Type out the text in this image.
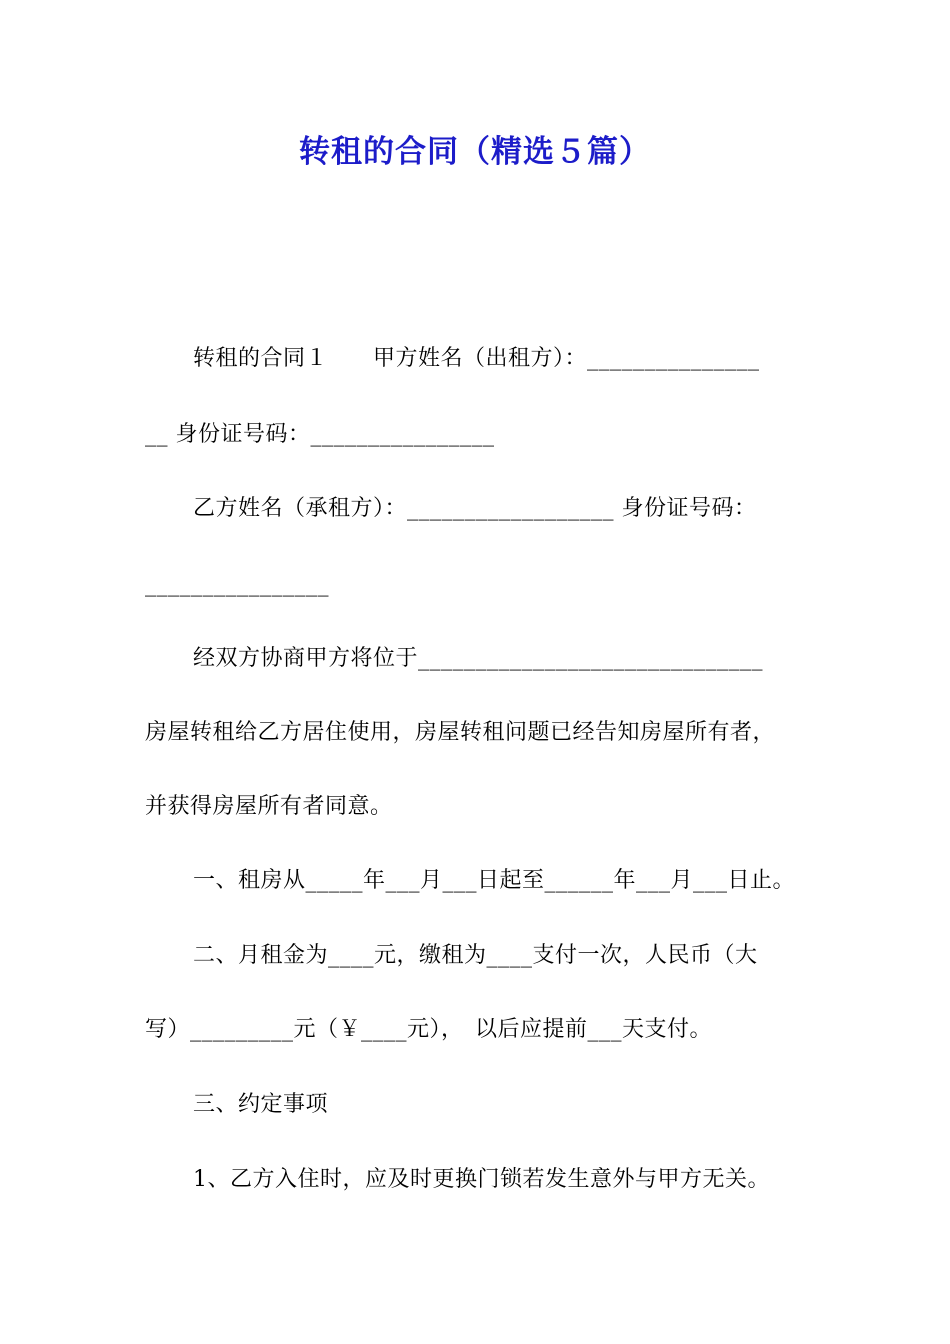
转租的合同（精选５篇）
转租的合同１　　甲方姓名（出租方）：_______________
__ 身份证号码：________________
乙方姓名（承租方）：__________________ 身份证号码：
________________
经双方协商甲方将位于______________________________
房屋转租给乙方居住使用，房屋转租问题已经告知房屋所有者，
并获得房屋所有者同意。
一、租房从_____年___月___日起至______年___月___日止。
二、月租金为____元，缴租为____支付一次，人民币（大
写）_________元（￥____元），　以后应提前___天支付。
三、约定事项
1、乙方入住时，应及时更换门锁若发生意外与甲方无关。
